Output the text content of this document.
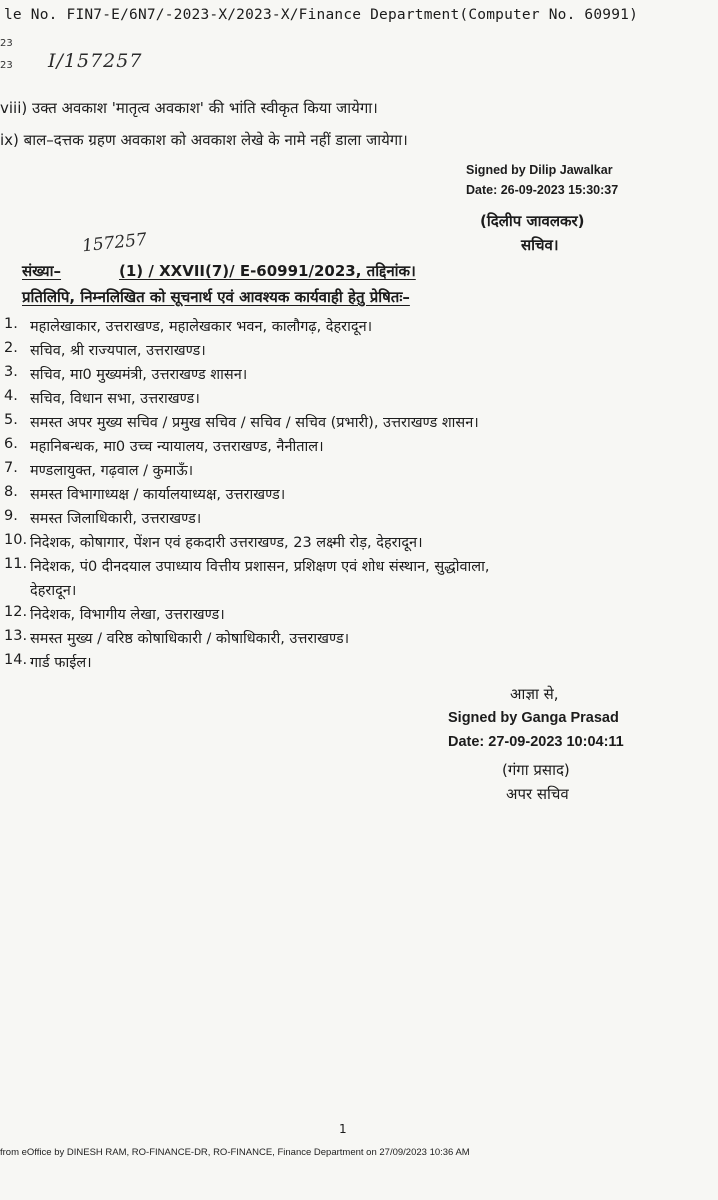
le No. FIN7-E/6N7/-2023-X/2023-X/Finance Department(Computer No. 60991)
23
23 I/157257
viii) उक्त अवकाश 'मातृत्व अवकाश' की भांति स्वीकृत किया जायेगा।
ix) बाल–दत्तक ग्रहण अवकाश को अवकाश लेखे के नामे नहीं डाला जायेगा।
Signed by Dilip Jawalkar
Date: 26-09-2023 15:30:37
(दिलीप जावलकर)
सचिव।
157257
संख्या–	(1) / XXVII(7)/ E-60991/2023, तद्दिनांक।
प्रतिलिपि, निम्नलिखित को सूचनार्थ एवं आवश्यक कार्यवाही हेतु प्रेषितः–
1. महालेखाकार, उत्तराखण्ड, महालेखकार भवन, कालौगढ़, देहरादून।
2. सचिव, श्री राज्यपाल, उत्तराखण्ड।
3. सचिव, मा0 मुख्यमंत्री, उत्तराखण्ड शासन।
4. सचिव, विधान सभा, उत्तराखण्ड।
5. समस्त अपर मुख्य सचिव / प्रमुख सचिव / सचिव / सचिव (प्रभारी), उत्तराखण्ड शासन।
6. महानिबन्धक, मा0 उच्च न्यायालय, उत्तराखण्ड, नैनीताल।
7. मण्डलायुक्त, गढ़वाल / कुमाऊँ।
8. समस्त विभागाध्यक्ष / कार्यालयाध्यक्ष, उत्तराखण्ड।
9. समस्त जिलाधिकारी, उत्तराखण्ड।
10. निदेशक, कोषागार, पेंशन एवं हकदारी उत्तराखण्ड, 23 लक्ष्मी रोड़, देहरादून।
11. निदेशक, पं0 दीनदयाल उपाध्याय वित्तीय प्रशासन, प्रशिक्षण एवं शोध संस्थान, सुद्धोवाला,
देहरादून।
12. निदेशक, विभागीय लेखा, उत्तराखण्ड।
13. समस्त मुख्य / वरिष्ठ कोषाधिकारी / कोषाधिकारी, उत्तराखण्ड।
14. गार्ड फाईल।
आज्ञा से,
Signed by Ganga Prasad
Date: 27-09-2023 10:04:11
(गंगा प्रसाद)
अपर सचिव
1
from eOffice by DINESH RAM, RO-FINANCE-DR, RO-FINANCE, Finance Department on 27/09/2023 10:36 AM
